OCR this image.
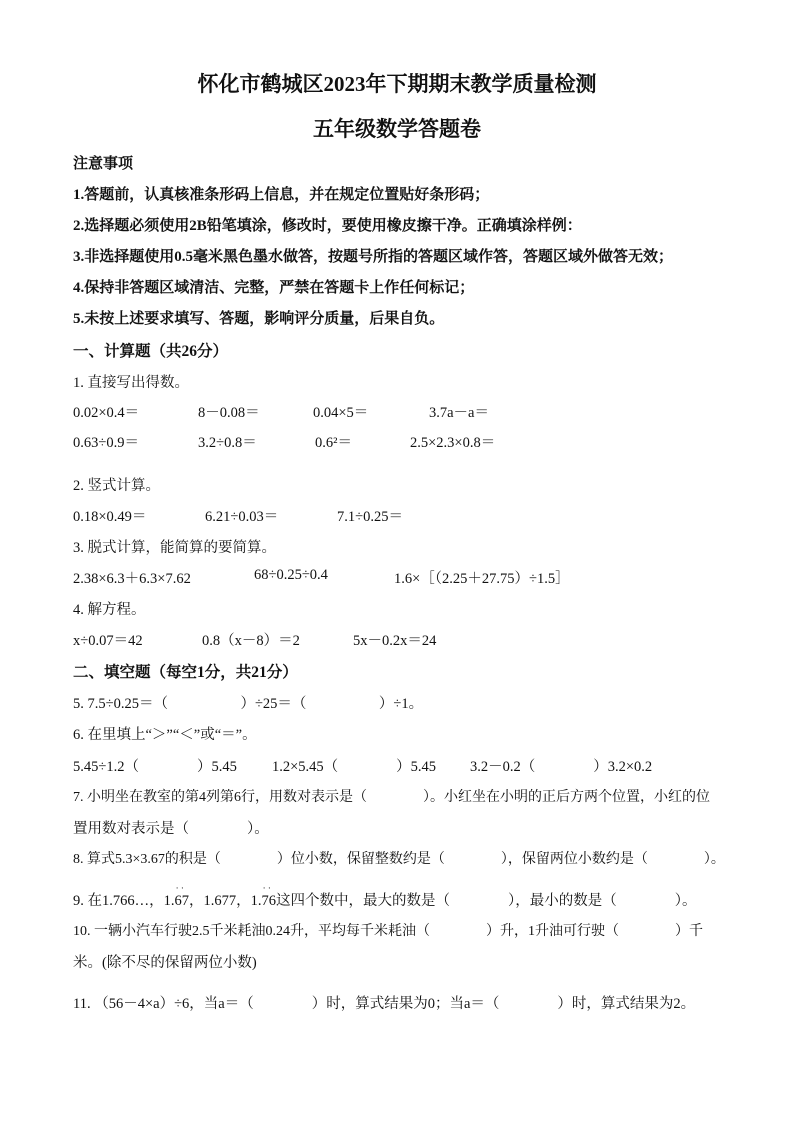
怀化市鹤城区2023年下期期末教学质量检测
五年级数学答题卷
注意事项
1.答题前，认真核准条形码上信息，并在规定位置贴好条形码；
2.选择题必须使用2B铅笔填涂，修改时，要使用橡皮擦干净。正确填涂样例：
3.非选择题使用0.5毫米黑色墨水做答，按题号所指的答题区域作答，答题区域外做答无效；
4.保持非答题区域清洁、完整，严禁在答题卡上作任何标记；
5.未按上述要求填写、答题，影响评分质量，后果自负。
一、计算题（共26分）
1. 直接写出得数。
0.02×0.4＝	8－0.08＝	0.04×5＝	3.7a－a＝
0.63÷0.9＝	3.2÷0.8＝	0.6²＝	2.5×2.3×0.8＝
2. 竖式计算。
0.18×0.49＝	6.21÷0.03＝	7.1÷0.25＝
3. 脱式计算，能简算的要简算。
2.38×6.3＋6.3×7.62	68÷0.25÷0.4	1.6×［（2.25＋27.75）÷1.5］
4. 解方程。
x÷0.07＝42	0.8（x－8）＝2	5x－0.2x＝24
二、填空题（每空1分，共21分）
5. 7.5÷0.25＝（　　　　　）÷25＝（　　　　　）÷1。
6. 在里填上“＞”“＜”或“＝”。
5.45÷1.2（　　　　）5.45 1.2×5.45（　　　　）5.45 3.2－0.2（　　　　）3.2×0.2
7. 小明坐在教室的第4列第6行，用数对表示是（　　　　）。小红坐在小明的正后方两个位置，小红的位
置用数对表示是（　　　　）。
8. 算式5.3×3.67的积是（　　　　）位小数，保留整数约是（　　　　），保留两位小数约是（　　　　）。
9. 在1.766…，
· ·
1.67，1.677，
· ·
1.76这四个数中，最大的数是（　　　　），最小的数是（　　　　）。
10. 一辆小汽车行驶2.5千米耗油0.24升，平均每千米耗油（　　　　）升，1升油可行驶（　　　　）千
米。(除不尽的保留两位小数)
11. （56－4×a）÷6，当a＝（　　　　）时，算式结果为0；当a＝（　　　　）时，算式结果为2。
